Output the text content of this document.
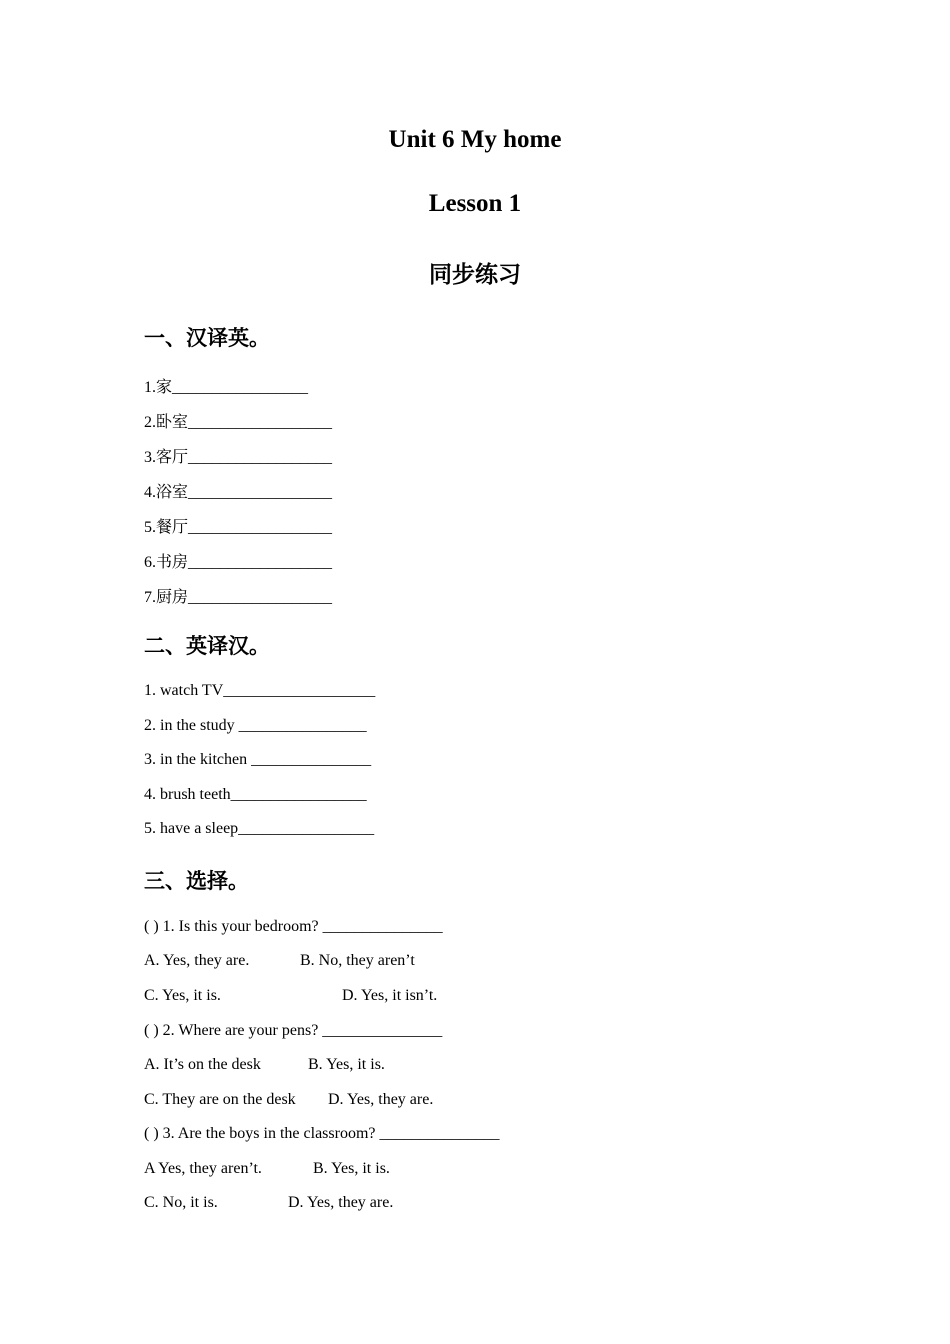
Unit 6 My home
Lesson 1
同步练习
一、汉译英。
1.家_________________
2.卧室__________________
3.客厅__________________
4.浴室__________________
5.餐厅__________________
6.书房__________________
7.厨房__________________
二、英译汉。
1. watch TV___________________
2. in the study ________________
3. in the kitchen _______________
4. brush teeth_________________
5. have a sleep_________________
三、选择。
( ) 1. Is this your bedroom? _______________
A. Yes, they are.	B. No, they aren’t
C. Yes, it is.	D. Yes, it isn’t.
( ) 2. Where are your pens? _______________
A. It’s on the desk	B. Yes, it is.
C. They are on the desk D. Yes, they are.
( ) 3. Are the boys in the classroom? _______________
A Yes, they aren’t.	B. Yes, it is.
C. No, it is.	D. Yes, they are.
